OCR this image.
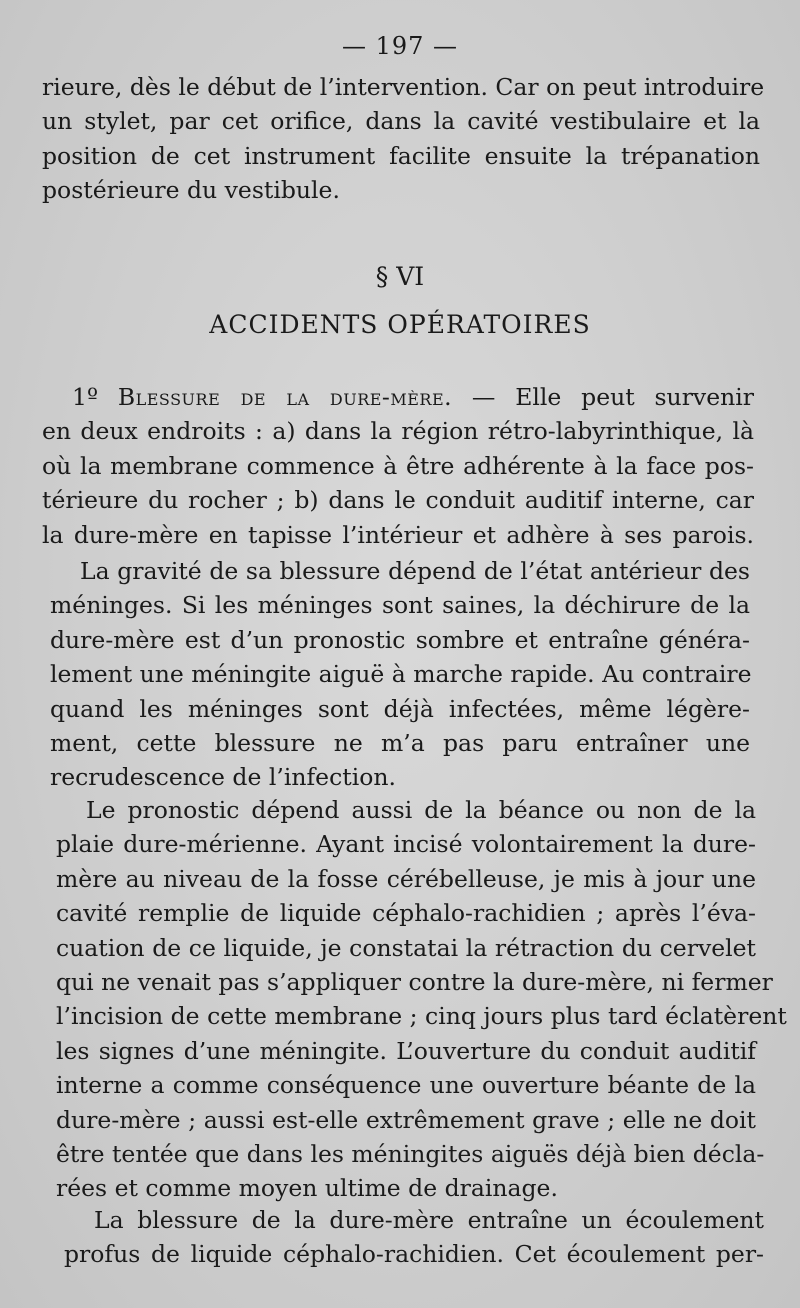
— 197 —
rieure, dès le début de l’intervention. Car on peut introduire
un stylet, par cet orifice, dans la cavité vestibulaire et la
position de cet instrument facilite ensuite la trépanation
postérieure du vestibule.
§ VI
ACCIDENTS OPÉRATOIRES
1º Blessure de la dure-mère. — Elle peut survenir
en deux endroits : a) dans la région rétro-labyrinthique, là
où la membrane commence à être adhérente à la face pos-
térieure du rocher ; b) dans le conduit auditif interne, car
la dure-mère en tapisse l’intérieur et adhère à ses parois.
La gravité de sa blessure dépend de l’état antérieur des
méninges. Si les méninges sont saines, la déchirure de la
dure-mère est d’un pronostic sombre et entraîne généra-
lement une méningite aiguë à marche rapide. Au contraire
quand les méninges sont déjà infectées, même légère-
ment, cette blessure ne m’a pas paru entraîner une
recrudescence de l’infection.
Le pronostic dépend aussi de la béance ou non de la
plaie dure-mérienne. Ayant incisé volontairement la dure-
mère au niveau de la fosse cérébelleuse, je mis à jour une
cavité remplie de liquide céphalo-rachidien ; après l’éva-
cuation de ce liquide, je constatai la rétraction du cervelet
qui ne venait pas s’appliquer contre la dure-mère, ni fermer
l’incision de cette membrane ; cinq jours plus tard éclatèrent
les signes d’une méningite. L’ouverture du conduit auditif
interne a comme conséquence une ouverture béante de la
dure-mère ; aussi est-elle extrêmement grave ; elle ne doit
être tentée que dans les méningites aiguës déjà bien décla-
rées et comme moyen ultime de drainage.
La blessure de la dure-mère entraîne un écoulement
profus de liquide céphalo-rachidien. Cet écoulement per-
